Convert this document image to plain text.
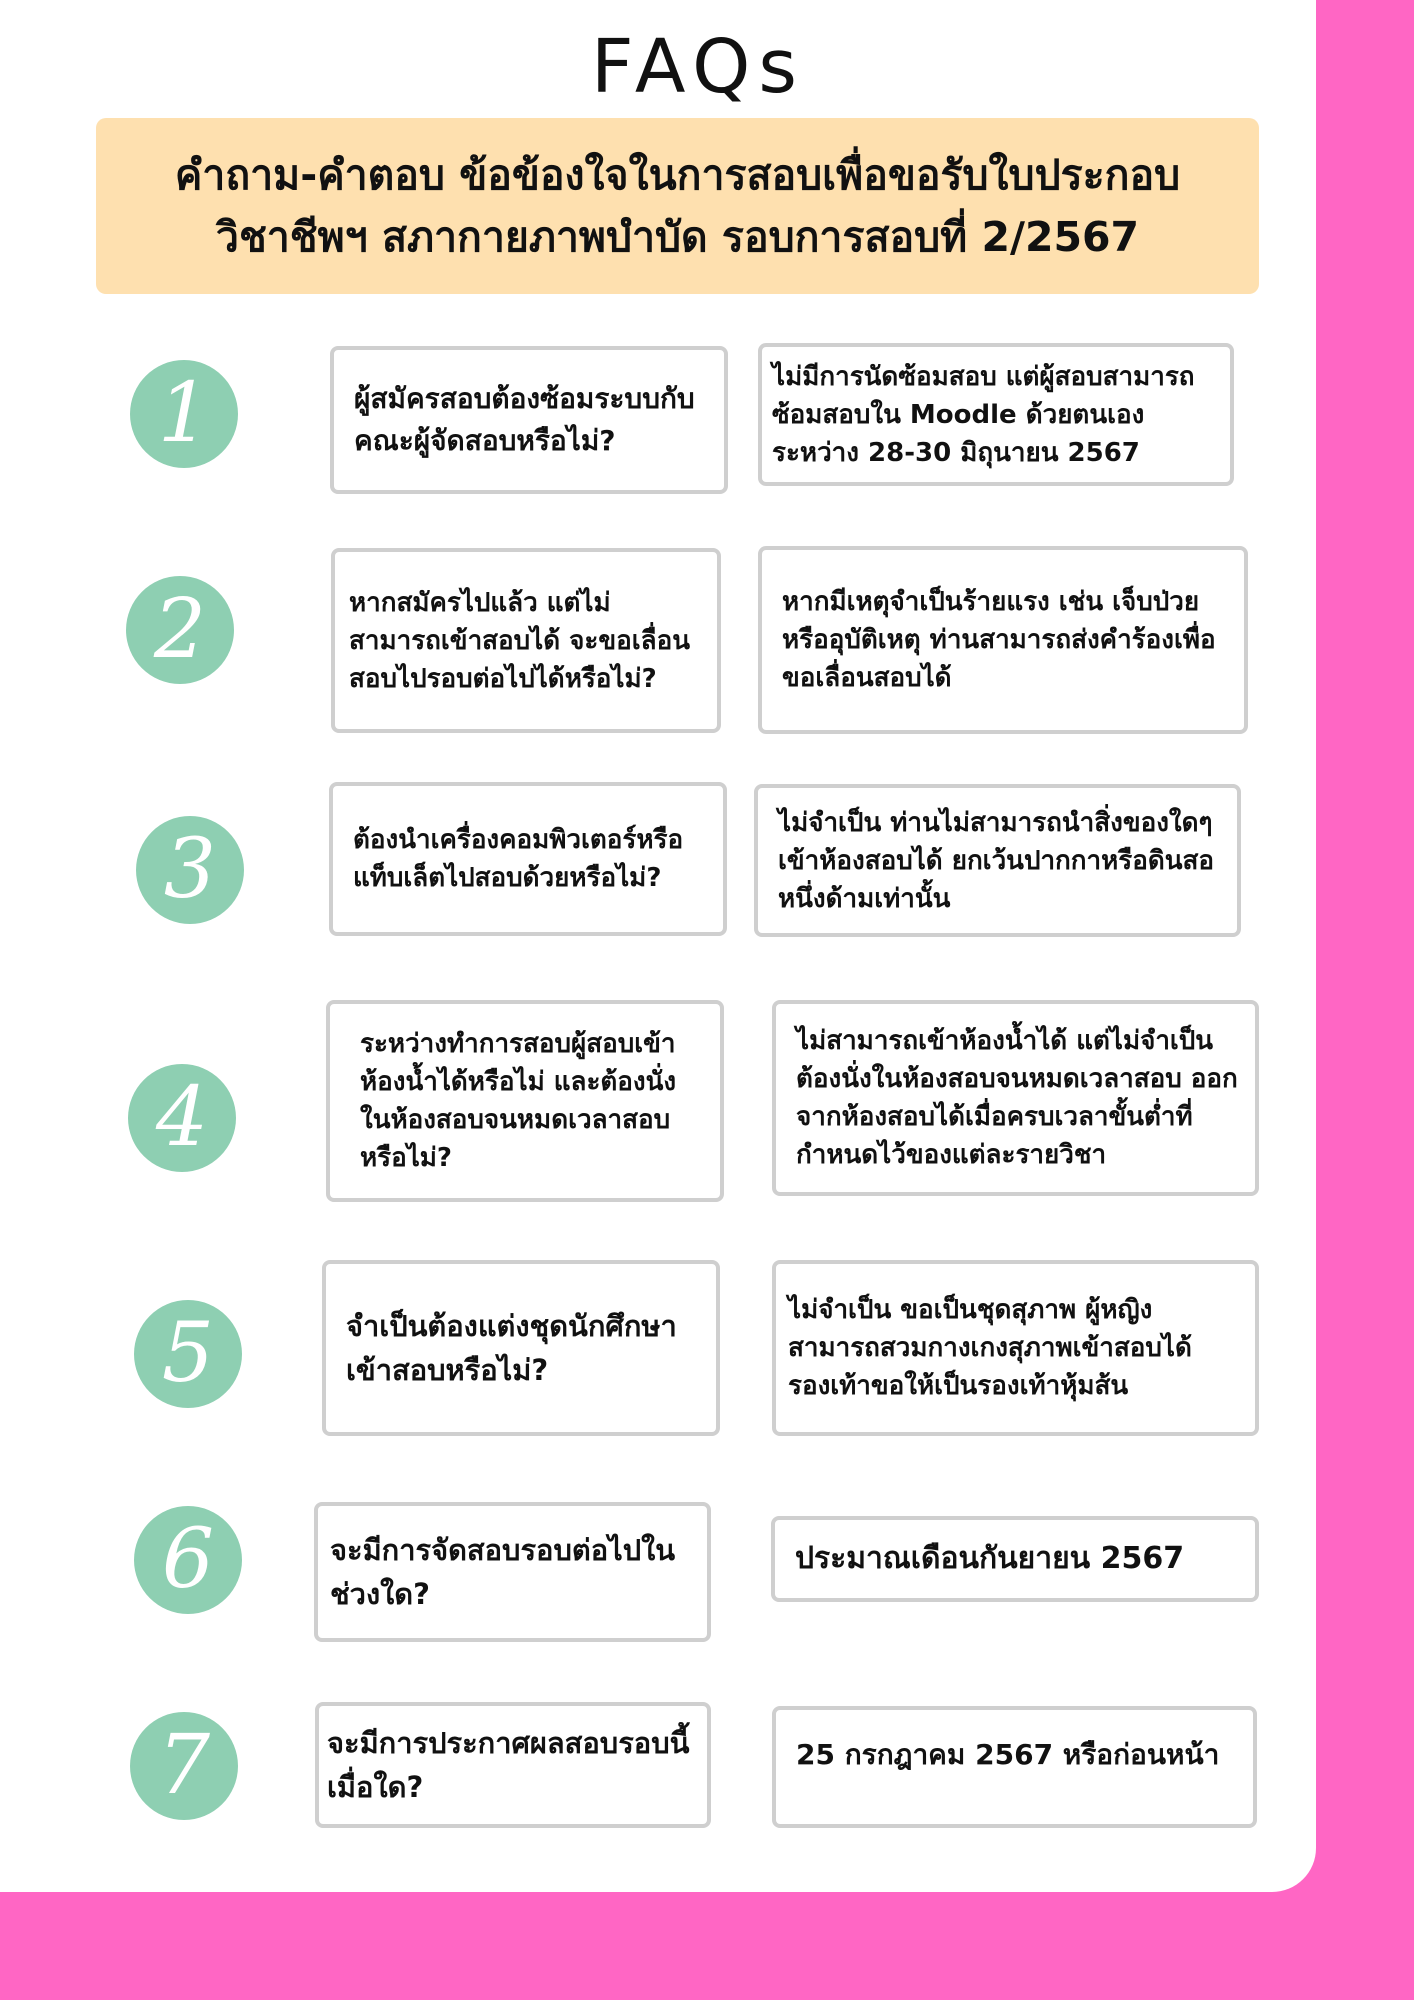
FAQs
คำถาม-คำตอบ ข้อข้องใจในการสอบเพื่อขอรับใบประกอบ
วิชาชีพฯ สภากายภาพบำบัด รอบการสอบที่ 2/2567
1	ผู้สมัครสอบต้องซ้อมระบบกับคณะผู้จัดสอบหรือไม่?
ไม่มีการนัดซ้อมสอบ แต่ผู้สอบสามารถซ้อมสอบใน Moodle ด้วยตนเอง ระหว่าง 28-30 มิถุนายน 2567
2	หากสมัครไปแล้ว แต่ไม่สามารถเข้าสอบได้ จะขอเลื่อนสอบไปรอบต่อไปได้หรือไม่?
หากมีเหตุจำเป็นร้ายแรง เช่น เจ็บป่วยหรืออุบัติเหตุ ท่านสามารถส่งคำร้องเพื่อขอเลื่อนสอบได้
3	ต้องนำเครื่องคอมพิวเตอร์หรือแท็บเล็ตไปสอบด้วยหรือไม่?
ไม่จำเป็น ท่านไม่สามารถนำสิ่งของใดๆ เข้าห้องสอบได้ ยกเว้นปากกาหรือดินสอหนึ่งด้ามเท่านั้น
4
ระหว่างทำการสอบผู้สอบเข้าห้องน้ำได้หรือไม่ และต้องนั่งในห้องสอบจนหมดเวลาสอบหรือไม่?
ไม่สามารถเข้าห้องน้ำได้ แต่ไม่จำเป็นต้องนั่งในห้องสอบจนหมดเวลาสอบ ออกจากห้องสอบได้เมื่อครบเวลาขั้นต่ำที่กำหนดไว้ของแต่ละรายวิชา
5	จำเป็นต้องแต่งชุดนักศึกษาเข้าสอบหรือไม่?
ไม่จำเป็น ขอเป็นชุดสุภาพ ผู้หญิงสามารถสวมกางเกงสุภาพเข้าสอบได้ รองเท้าขอให้เป็นรองเท้าหุ้มส้น
6	จะมีการจัดสอบรอบต่อไปในช่วงใด?
ประมาณเดือนกันยายน 2567
7	จะมีการประกาศผลสอบรอบนี้ เมื่อใด?
25 กรกฎาคม 2567 หรือก่อนหน้า
